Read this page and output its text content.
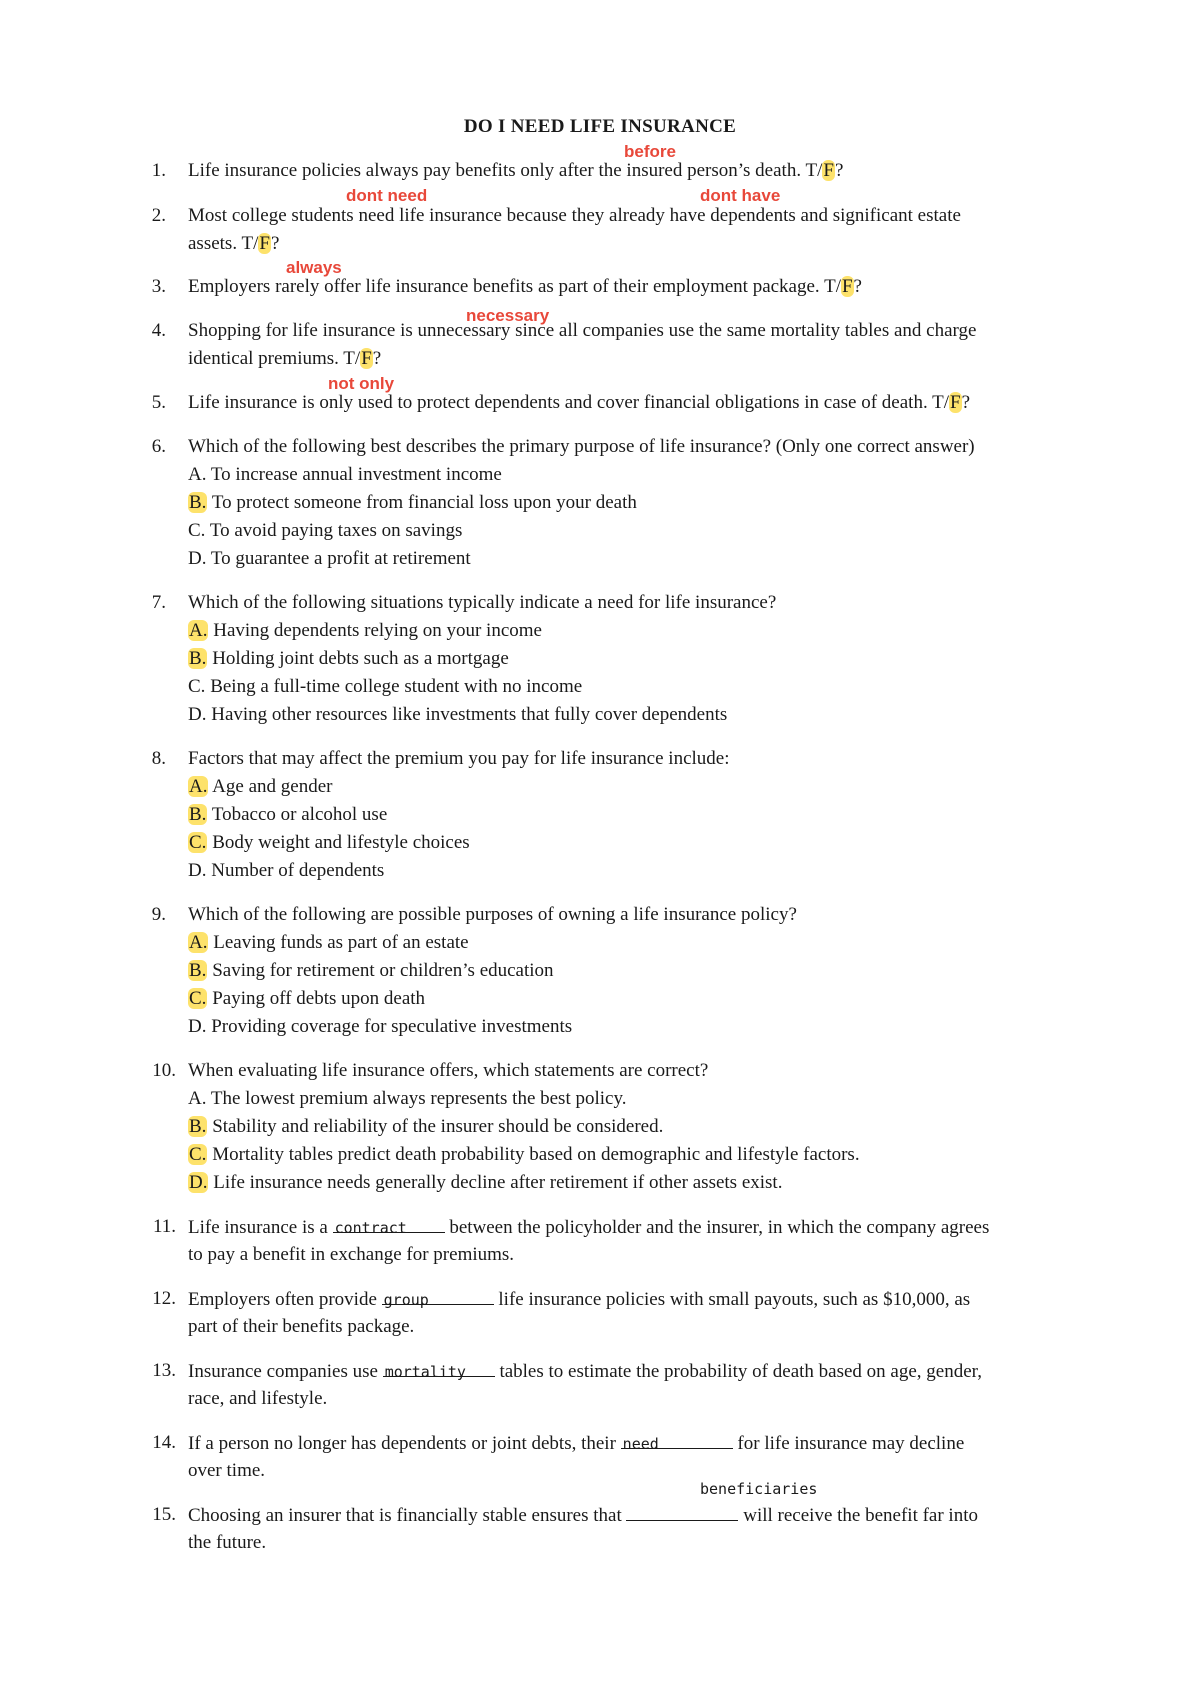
DO I NEED LIFE INSURANCE
before
1. Life insurance policies always pay benefits only after the insured person’s death. T/F?
dont need	dont have
2. Most college students need life insurance because they already have dependents and significant estate
assets. T/F?
always
3. Employers rarely offer life insurance benefits as part of their employment package. T/F?
necessary
4. Shopping for life insurance is unnecessary since all companies use the same mortality tables and charge
identical premiums. T/F?
not only
5. Life insurance is only used to protect dependents and cover financial obligations in case of death. T/F?
6. Which of the following best describes the primary purpose of life insurance? (Only one correct answer)
A. To increase annual investment income
B. To protect someone from financial loss upon your death
C. To avoid paying taxes on savings
D. To guarantee a profit at retirement
7. Which of the following situations typically indicate a need for life insurance?
A. Having dependents relying on your income
B. Holding joint debts such as a mortgage
C. Being a full-time college student with no income
D. Having other resources like investments that fully cover dependents
8. Factors that may affect the premium you pay for life insurance include:
A. Age and gender
B. Tobacco or alcohol use
C. Body weight and lifestyle choices
D. Number of dependents
9. Which of the following are possible purposes of owning a life insurance policy?
A. Leaving funds as part of an estate
B. Saving for retirement or children’s education
C. Paying off debts upon death
D. Providing coverage for speculative investments
10. When evaluating life insurance offers, which statements are correct?
A. The lowest premium always represents the best policy.
B. Stability and reliability of the insurer should be considered.
C. Mortality tables predict death probability based on demographic and lifestyle factors.
D. Life insurance needs generally decline after retirement if other assets exist.
11. Life insurance is a contract between the policyholder and the insurer, in which the company agrees
to pay a benefit in exchange for premiums.
12. Employers often provide group	life insurance policies with small payouts, such as $10,000, as
part of their benefits package.
13. Insurance companies use mortality tables to estimate the probability of death based on age, gender,
race, and lifestyle.
14. If a person no longer has dependents or joint debts, their need	for life insurance may decline
over time.
beneficiaries
15. Choosing an insurer that is financially stable ensures that	will receive the benefit far into
the future.
